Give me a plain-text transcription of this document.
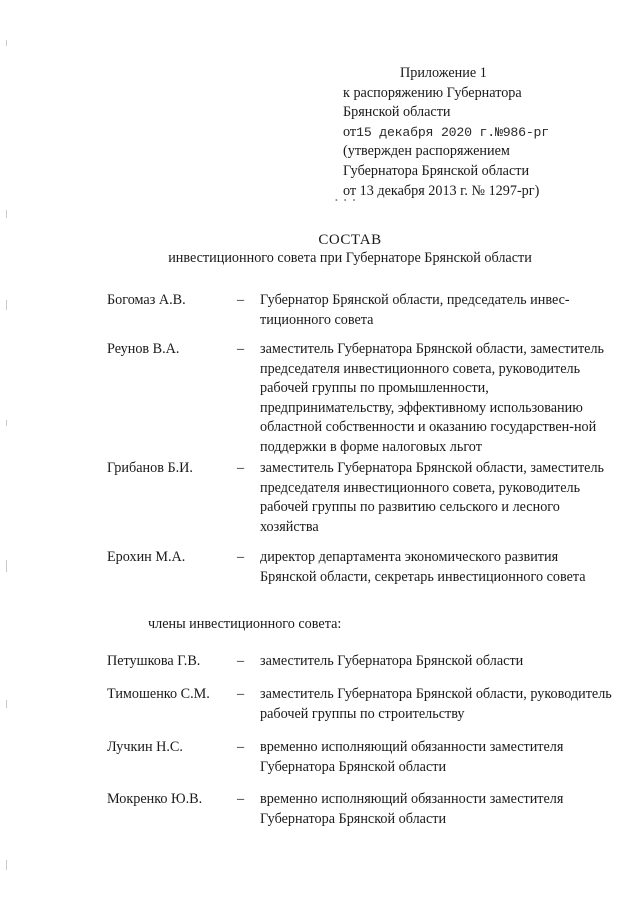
Приложение 1
к распоряжению Губернатора
Брянской области
от15 декабря 2020 г.№986-рг
(утвержден распоряжением
Губернатора Брянской области
от 13 декабря 2013 г. № 1297-рг)
• • •
СОСТАВ
инвестиционного совета при Губернаторе Брянской области
Богомаз А.В.	– Губернатор Брянской области, председатель инвес-тиционного совета
Реунов В.А.	– заместитель Губернатора Брянской области, заместитель председателя инвестиционного совета, руководитель рабочей группы по промышленности, предпринимательству, эффективному использованию областной собственности и оказанию государствен-ной поддержки в форме налоговых льгот
Грибанов Б.И.	– заместитель Губернатора Брянской области, заместитель председателя инвестиционного совета, руководитель рабочей группы по развитию сельского и лесного хозяйства
Ерохин М.А.	– директор департамента экономического развития Брянской области, секретарь инвестиционного совета
члены инвестиционного совета:
Петушкова Г.В.	– заместитель Губернатора Брянской области
Тимошенко С.М. – заместитель Губернатора Брянской области, руководитель рабочей группы по строительству
Лучкин Н.С.	– временно исполняющий обязанности заместителя Губернатора Брянской области
Мокренко Ю.В. – временно исполняющий обязанности заместителя Губернатора Брянской области
